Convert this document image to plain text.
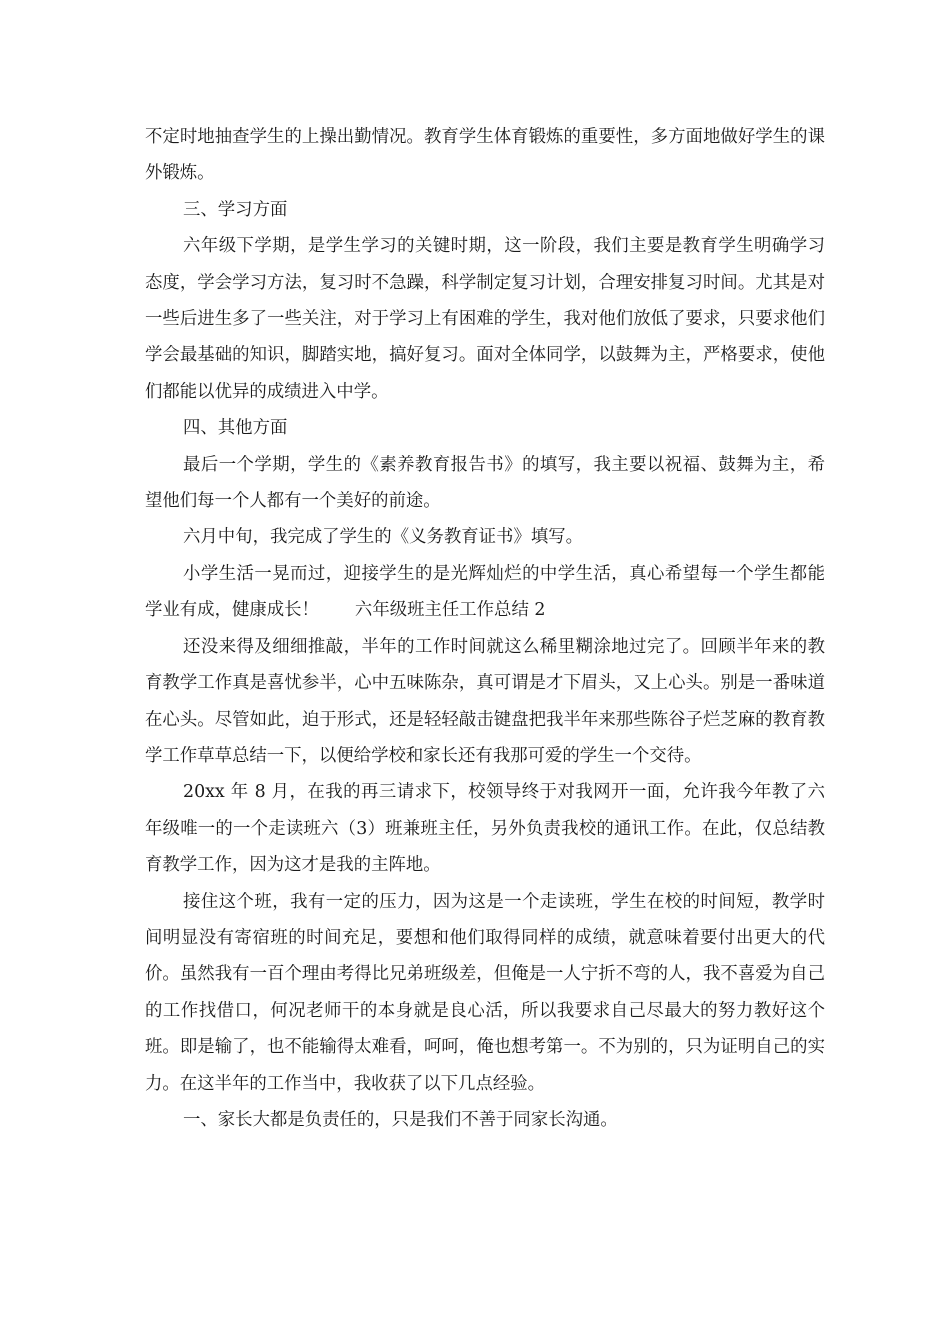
不定时地抽查学生的上操出勤情况。教育学生体育锻炼的重要性，多方面地做好学生的课外锻炼。

三、学习方面

六年级下学期，是学生学习的关键时期，这一阶段，我们主要是教育学生明确学习态度，学会学习方法，复习时不急躁，科学制定复习计划，合理安排复习时间。尤其是对一些后进生多了一些关注，对于学习上有困难的学生，我对他们放低了要求，只要求他们学会最基础的知识，脚踏实地，搞好复习。面对全体同学，以鼓舞为主，严格要求，使他们都能以优异的成绩进入中学。

四、其他方面

最后一个学期，学生的《素养教育报告书》的填写，我主要以祝福、鼓舞为主，希望他们每一个人都有一个美好的前途。

六月中旬，我完成了学生的《义务教育证书》填写。

小学生活一晃而过，迎接学生的是光辉灿烂的中学生活，真心希望每一个学生都能学业有成，健康成长！ 六年级班主任工作总结 2

还没来得及细细推敲，半年的工作时间就这么稀里糊涂地过完了。回顾半年来的教育教学工作真是喜忧参半，心中五味陈杂，真可谓是才下眉头，又上心头。别是一番味道在心头。尽管如此，迫于形式，还是轻轻敲击键盘把我半年来那些陈谷子烂芝麻的教育教学工作草草总结一下，以便给学校和家长还有我那可爱的学生一个交待。

20xx 年 8 月，在我的再三请求下，校领导终于对我网开一面，允许我今年教了六年级唯一的一个走读班六（3）班兼班主任，另外负责我校的通讯工作。在此，仅总结教育教学工作，因为这才是我的主阵地。

接住这个班，我有一定的压力，因为这是一个走读班，学生在校的时间短，教学时间明显没有寄宿班的时间充足，要想和他们取得同样的成绩，就意味着要付出更大的代价。虽然我有一百个理由考得比兄弟班级差，但俺是一人宁折不弯的人，我不喜爱为自己的工作找借口，何况老师干的本身就是良心活，所以我要求自己尽最大的努力教好这个班。即是输了，也不能输得太难看，呵呵，俺也想考第一。不为别的，只为证明自己的实力。在这半年的工作当中，我收获了以下几点经验。

一、家长大都是负责任的，只是我们不善于同家长沟通。
